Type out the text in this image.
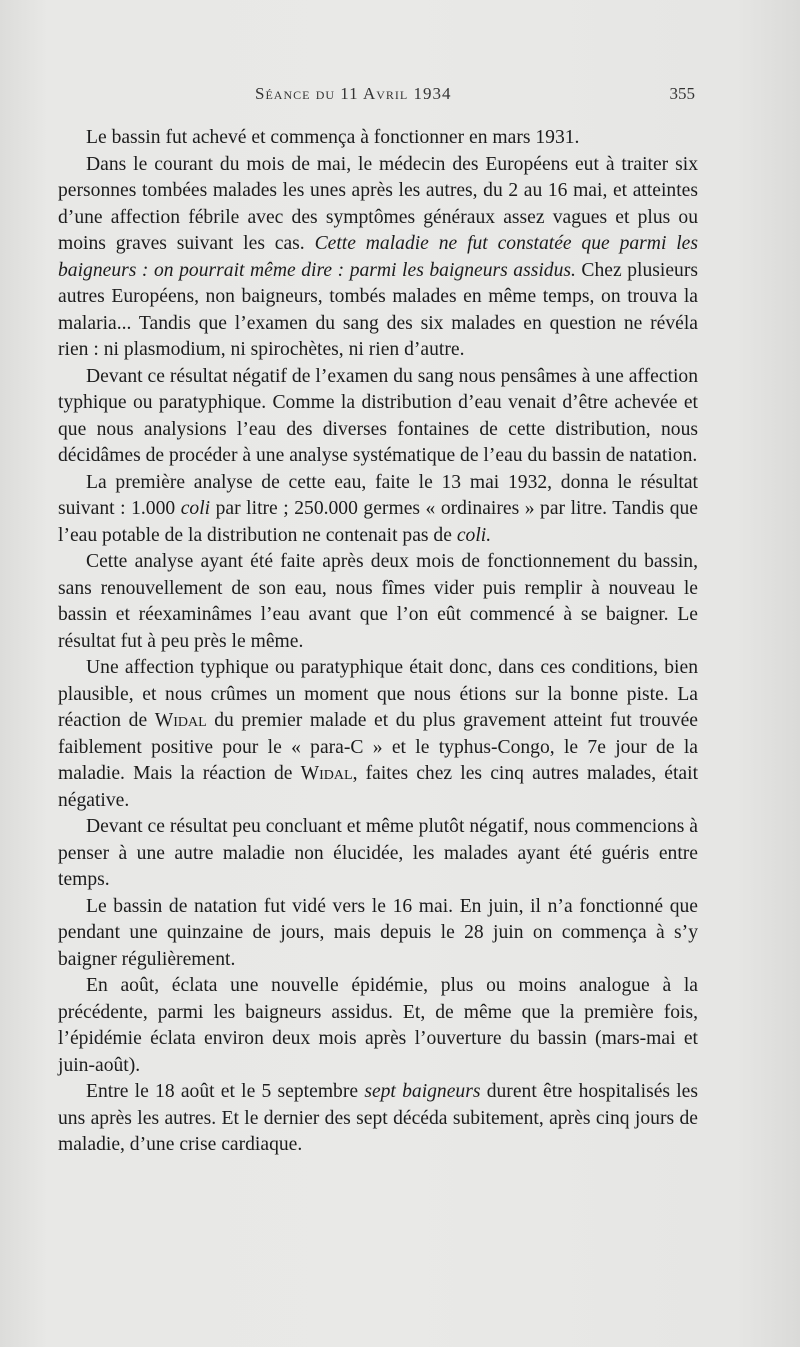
Séance du 11 Avril 1934	355

Le bassin fut achevé et commença à fonctionner en mars 1931.

Dans le courant du mois de mai, le médecin des Européens eut à traiter six personnes tombées malades les unes après les autres, du 2 au 16 mai, et atteintes d’une affection fébrile avec des symptômes généraux assez vagues et plus ou moins graves suivant les cas. Cette maladie ne fut constatée que parmi les baigneurs : on pourrait même dire : parmi les baigneurs assidus. Chez plusieurs autres Européens, non baigneurs, tombés malades en même temps, on trouva la malaria... Tandis que l’examen du sang des six malades en question ne révéla rien : ni plasmodium, ni spirochètes, ni rien d’autre.

Devant ce résultat négatif de l’examen du sang nous pensâmes à une affection typhique ou paratyphique. Comme la distribution d’eau venait d’être achevée et que nous analysions l’eau des diverses fontaines de cette distribution, nous décidâmes de procéder à une analyse systématique de l’eau du bassin de natation.

La première analyse de cette eau, faite le 13 mai 1932, donna le résultat suivant : 1.000 coli par litre ; 250.000 germes « ordinaires » par litre. Tandis que l’eau potable de la distribution ne contenait pas de coli.

Cette analyse ayant été faite après deux mois de fonctionnement du bassin, sans renouvellement de son eau, nous fîmes vider puis remplir à nouveau le bassin et réexaminâmes l’eau avant que l’on eût commencé à se baigner. Le résultat fut à peu près le même.

Une affection typhique ou paratyphique était donc, dans ces conditions, bien plausible, et nous crûmes un moment que nous étions sur la bonne piste. La réaction de Widal du premier malade et du plus gravement atteint fut trouvée faiblement positive pour le « para-C » et le typhus-Congo, le 7e jour de la maladie. Mais la réaction de Widal, faites chez les cinq autres malades, était négative.

Devant ce résultat peu concluant et même plutôt négatif, nous commencions à penser à une autre maladie non élucidée, les malades ayant été guéris entre temps.

Le bassin de natation fut vidé vers le 16 mai. En juin, il n’a fonctionné que pendant une quinzaine de jours, mais depuis le 28 juin on commença à s’y baigner régulièrement.

En août, éclata une nouvelle épidémie, plus ou moins analogue à la précédente, parmi les baigneurs assidus. Et, de même que la première fois, l’épidémie éclata environ deux mois après l’ouverture du bassin (mars-mai et juin-août).

Entre le 18 août et le 5 septembre sept baigneurs durent être hospitalisés les uns après les autres. Et le dernier des sept décéda subitement, après cinq jours de maladie, d’une crise cardiaque.
